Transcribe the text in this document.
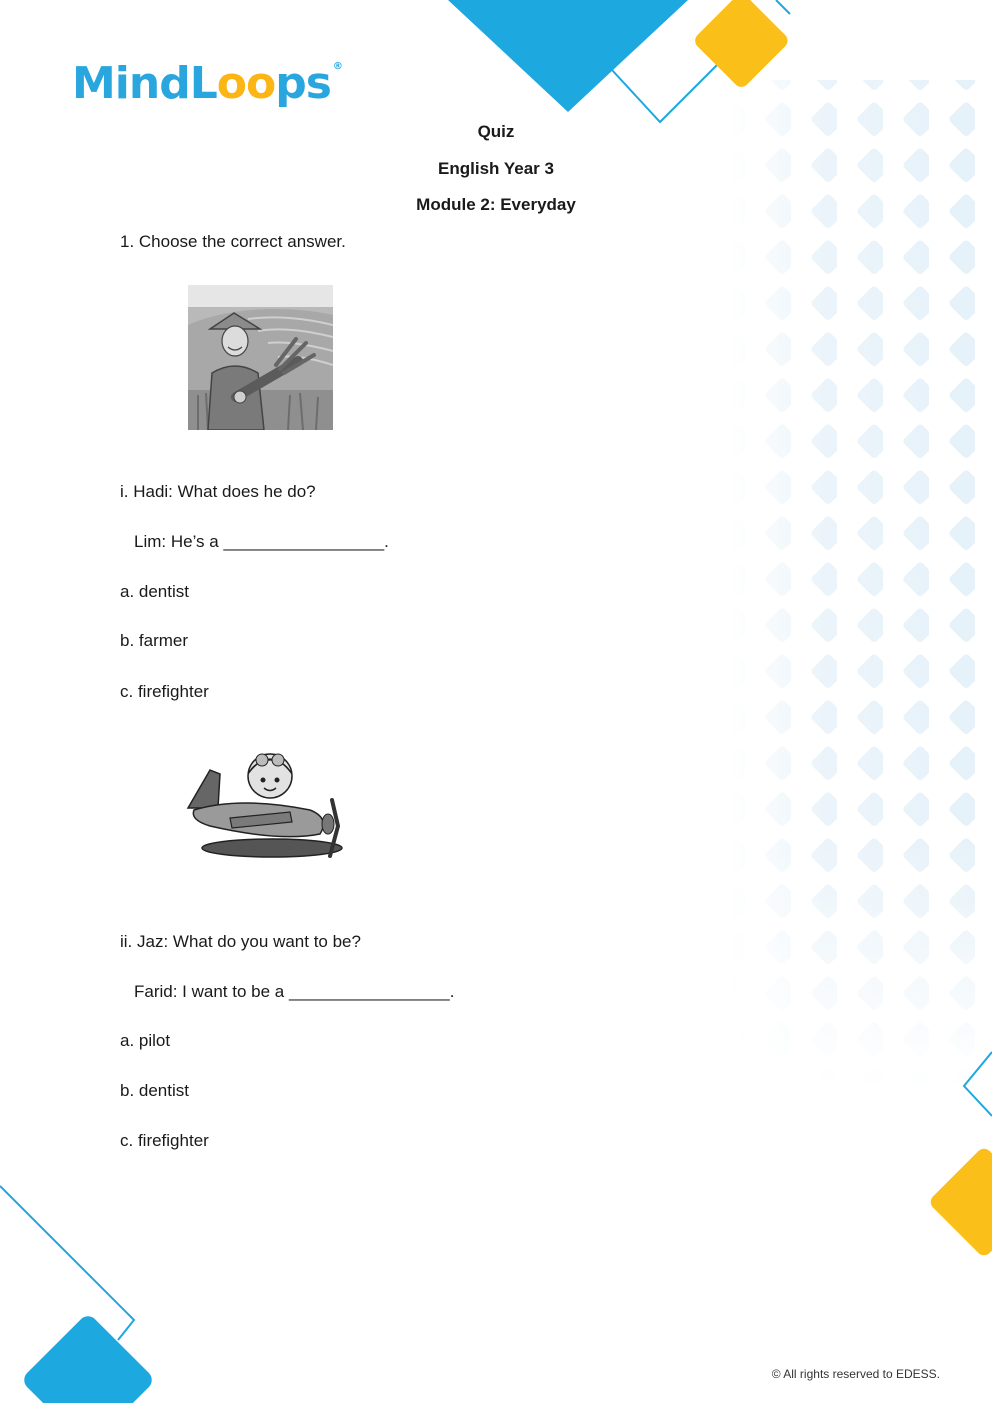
MindLoops ®
Quiz
English Year 3
Module 2: Everyday
1. Choose the correct answer.
i. Hadi: What does he do?
Lim: He’s a _________________.
a. dentist
b. farmer
c. firefighter
ii. Jaz: What do you want to be?
Farid: I want to be a _________________.
a. pilot
b. dentist
c. firefighter
© All rights reserved to EDESS.
